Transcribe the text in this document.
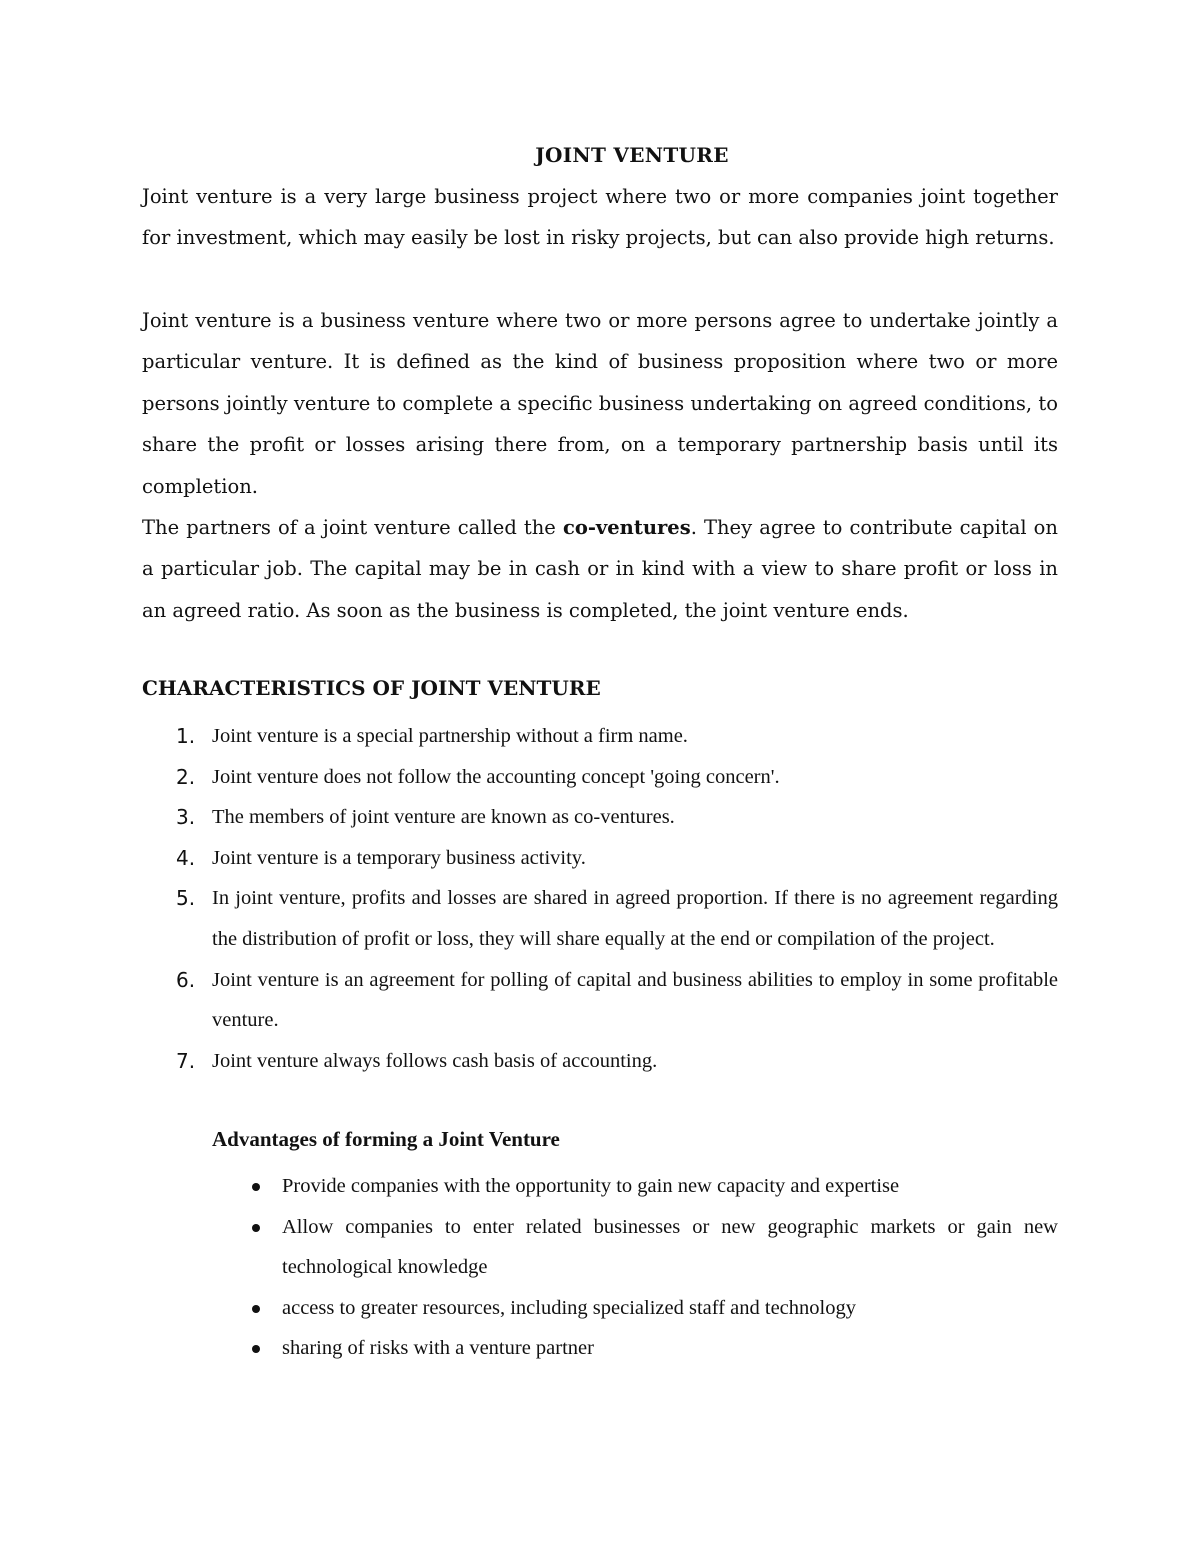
JOINT VENTURE
Joint venture is a very large business project where two or more companies joint together for investment, which may easily be lost in risky projects, but can also provide high returns.
Joint venture is a business venture where two or more persons agree to undertake jointly a particular venture. It is defined as the kind of business proposition where two or more persons jointly venture to complete a specific business undertaking on agreed conditions, to share the profit or losses arising there from, on a temporary partnership basis until its completion.
The partners of a joint venture called the co-ventures. They agree to contribute capital on a particular job. The capital may be in cash or in kind with a view to share profit or loss in an agreed ratio. As soon as the business is completed, the joint venture ends.
CHARACTERISTICS OF JOINT VENTURE
1. Joint venture is a special partnership without a firm name.
2. Joint venture does not follow the accounting concept 'going concern'.
3. The members of joint venture are known as co-ventures.
4. Joint venture is a temporary business activity.
5. In joint venture, profits and losses are shared in agreed proportion. If there is no agreement regarding the distribution of profit or loss, they will share equally at the end or compilation of the project.
6. Joint venture is an agreement for polling of capital and business abilities to employ in some profitable venture.
7. Joint venture always follows cash basis of accounting.
Advantages of forming a Joint Venture
Provide companies with the opportunity to gain new capacity and expertise
Allow companies to enter related businesses or new geographic markets or gain new technological knowledge
access to greater resources, including specialized staff and technology
sharing of risks with a venture partner
